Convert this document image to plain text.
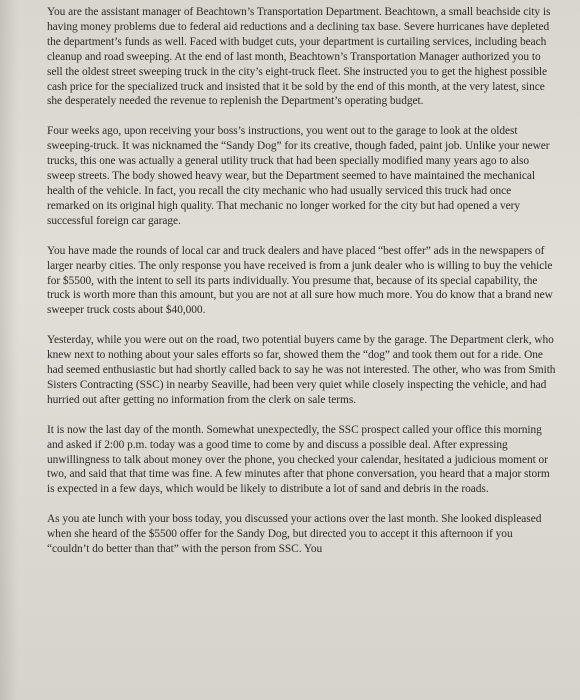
You are the assistant manager of Beachtown’s Transportation Department. Beachtown, a small beachside city is having money problems due to federal aid reductions and a declining tax base. Severe hurricanes have depleted the department’s funds as well. Faced with budget cuts, your department is curtailing services, including beach cleanup and road sweeping. At the end of last month, Beachtown’s Transportation Manager authorized you to sell the oldest street sweeping truck in the city’s eight-truck fleet. She instructed you to get the highest possible cash price for the specialized truck and insisted that it be sold by the end of this month, at the very latest, since she desperately needed the revenue to replenish the Department’s operating budget.

Four weeks ago, upon receiving your boss’s instructions, you went out to the garage to look at the oldest sweeping-truck. It was nicknamed the “Sandy Dog” for its creative, though faded, paint job. Unlike your newer trucks, this one was actually a general utility truck that had been specially modified many years ago to also sweep streets. The body showed heavy wear, but the Department seemed to have maintained the mechanical health of the vehicle. In fact, you recall the city mechanic who had usually serviced this truck had once remarked on its original high quality. That mechanic no longer worked for the city but had opened a very successful foreign car garage.

You have made the rounds of local car and truck dealers and have placed “best offer” ads in the newspapers of larger nearby cities. The only response you have received is from a junk dealer who is willing to buy the vehicle for $5500, with the intent to sell its parts individually. You presume that, because of its special capability, the truck is worth more than this amount, but you are not at all sure how much more. You do know that a brand new sweeper truck costs about $40,000.

Yesterday, while you were out on the road, two potential buyers came by the garage. The Department clerk, who knew next to nothing about your sales efforts so far, showed them the “dog” and took them out for a ride. One had seemed enthusiastic but had shortly called back to say he was not interested. The other, who was from Smith Sisters Contracting (SSC) in nearby Seaville, had been very quiet while closely inspecting the vehicle, and had hurried out after getting no information from the clerk on sale terms.

It is now the last day of the month. Somewhat unexpectedly, the SSC prospect called your office this morning and asked if 2:00 p.m. today was a good time to come by and discuss a possible deal. After expressing unwillingness to talk about money over the phone, you checked your calendar, hesitated a judicious moment or two, and said that that time was fine. A few minutes after that phone conversation, you heard that a major storm is expected in a few days, which would be likely to distribute a lot of sand and debris in the roads.

As you ate lunch with your boss today, you discussed your actions over the last month. She looked displeased when she heard of the $5500 offer for the Sandy Dog, but directed you to accept it this afternoon if you “couldn’t do better than that” with the person from SSC. You
